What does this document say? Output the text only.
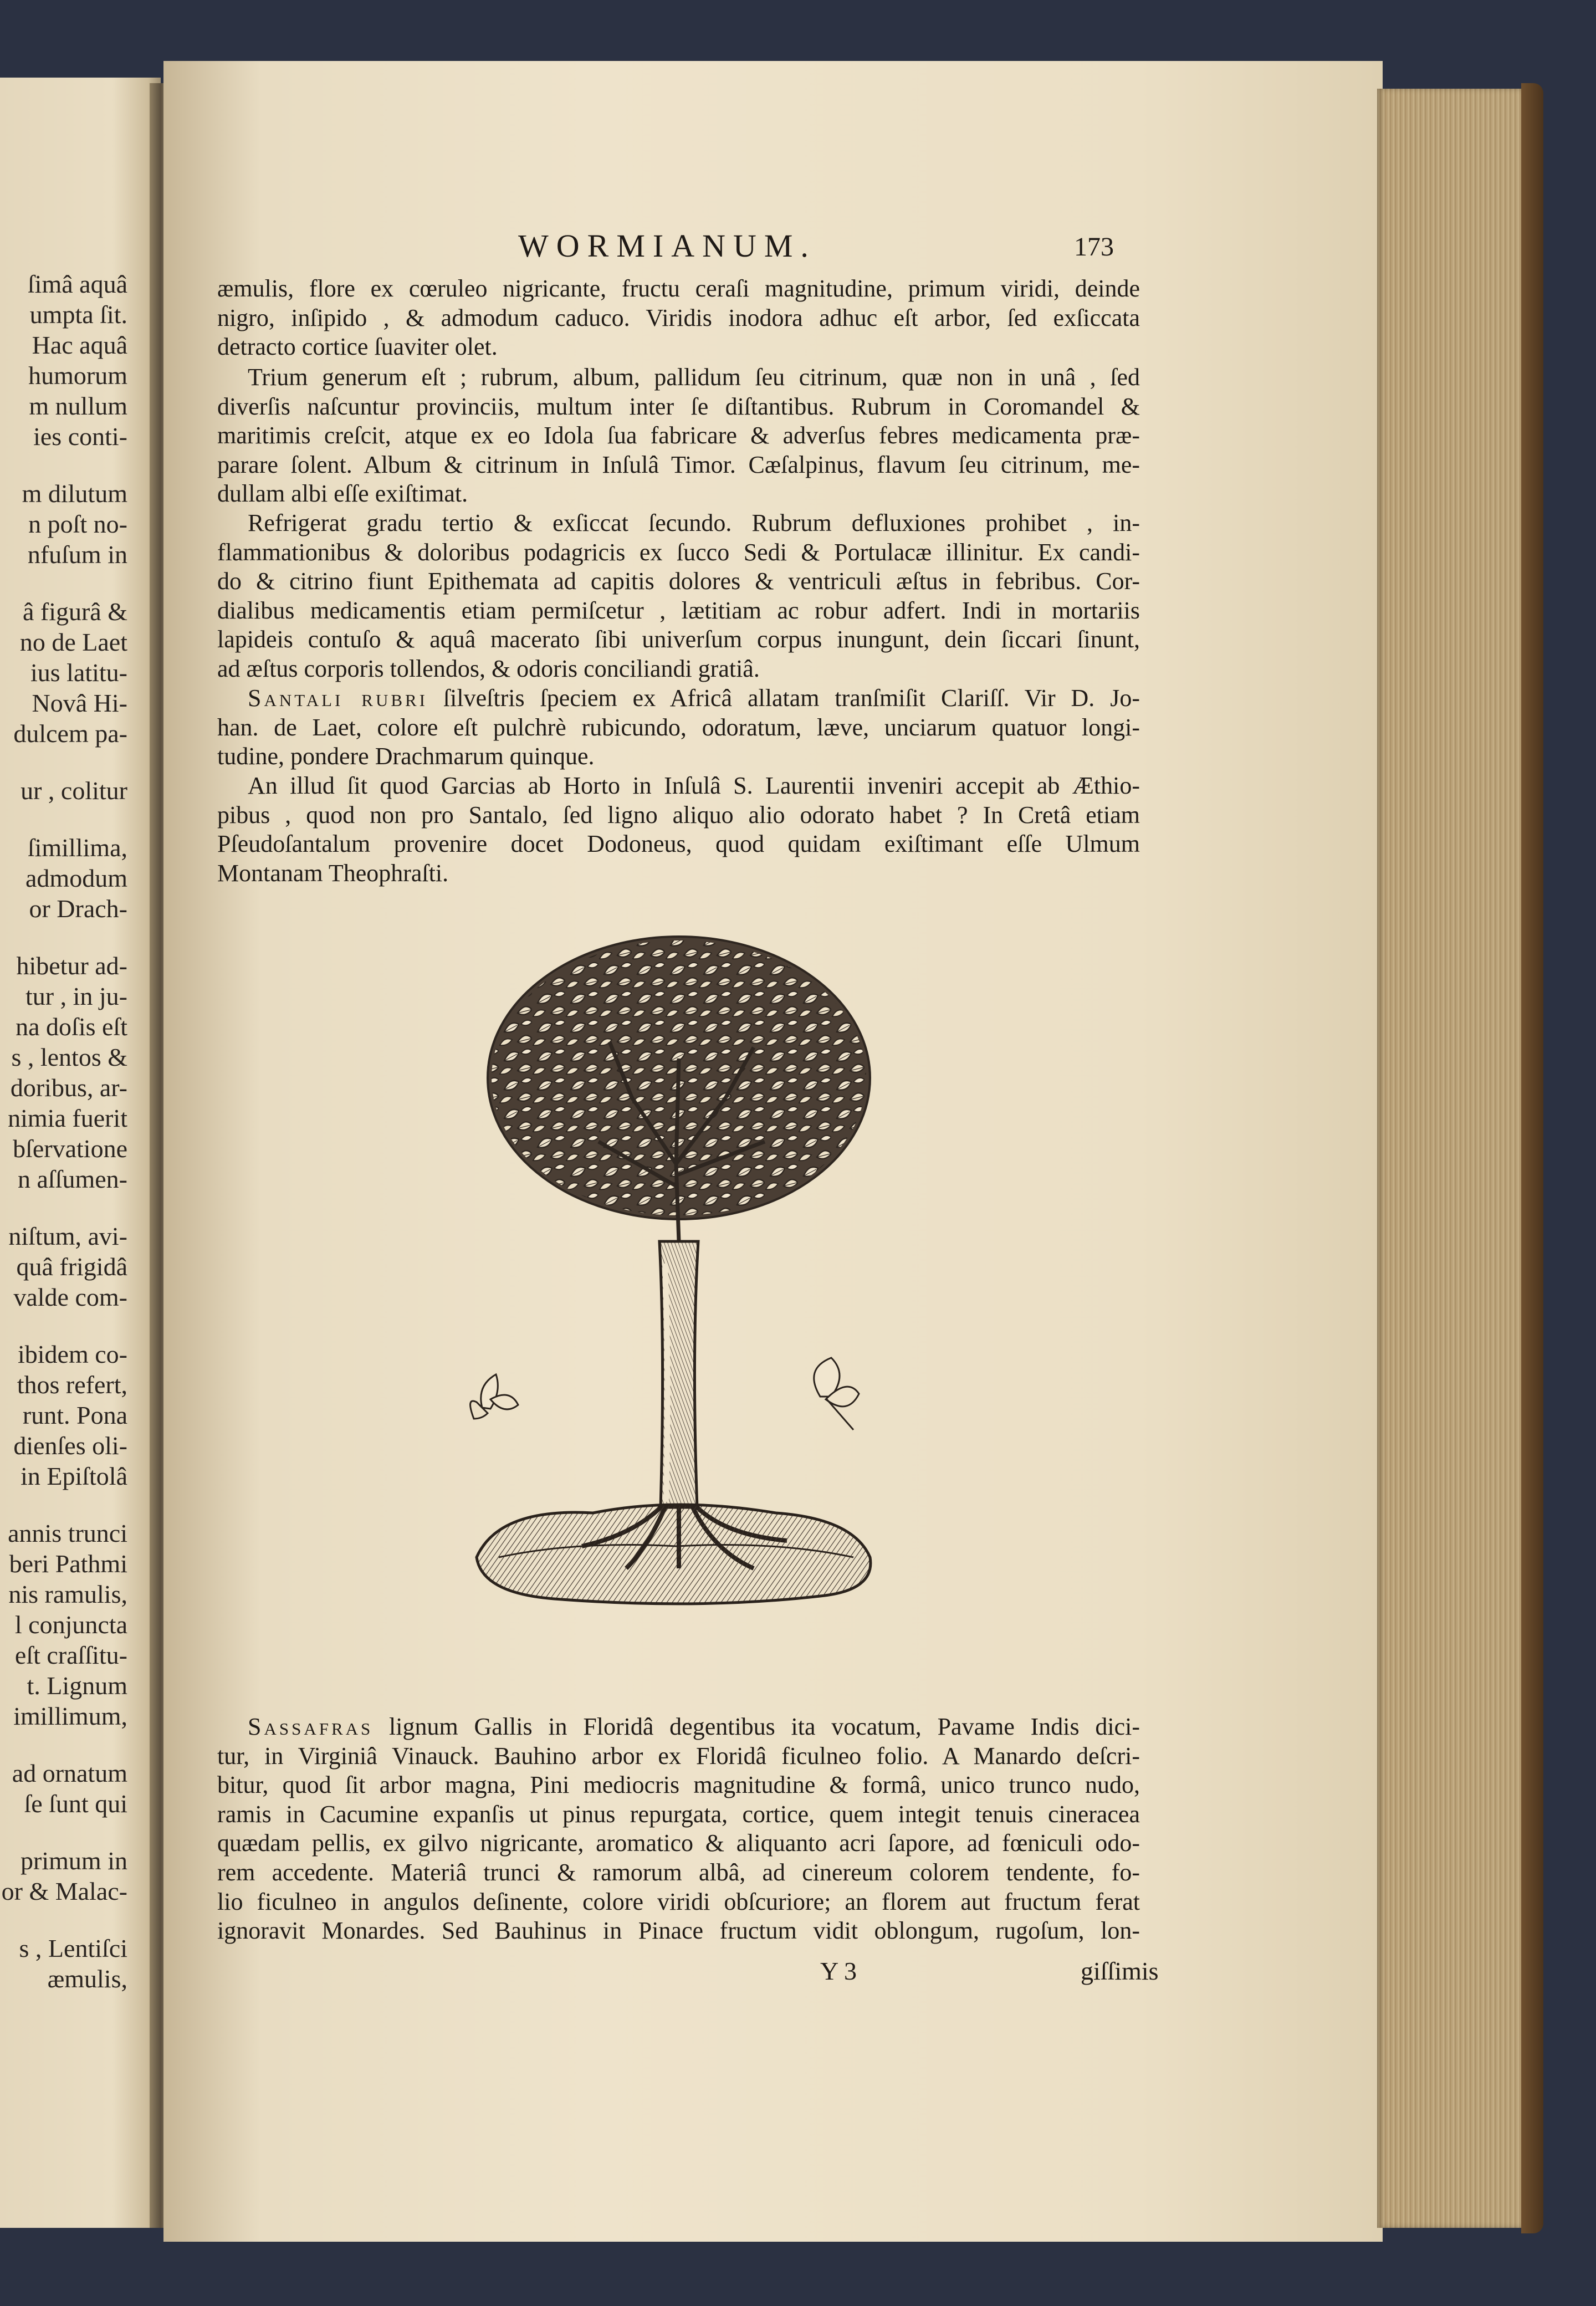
ſimâ aquâ
umpta ſit.
Hac aquâ
humorum
m nullum
ies conti-
m dilutum
n poſt no-
nfuſum in
â figurâ &
no de Laet
ius latitu-
Novâ Hi-
dulcem pa-
ur , colitur
ſimillima,
admodum
or Drach-
hibetur ad-
tur , in ju-
na doſis eſt
s , lentos &
doribus, ar-
nimia fuerit
bſervatione
n aſſumen-
niſtum, avi-
quâ frigidâ
valde com-
ibidem co-
thos refert,
runt. Pona
dienſes oli-
in Epiſtolâ
annis trunci
beri Pathmi
nis ramulis,
l conjuncta
eſt craſſitu-
t. Lignum
imillimum,
ad ornatum
ſe ſunt qui
primum in
or & Malac-
s , Lentiſci
æmulis,
WORMIANUM.	173
æmulis, flore ex cœruleo nigricante, fructu ceraſi magnitudine, primum viridi, deinde
nigro, inſipido , & admodum caduco. Viridis inodora adhuc eſt arbor, ſed exſiccata
detracto cortice ſuaviter olet.
Trium generum eſt ; rubrum, album, pallidum ſeu citrinum, quæ non in unâ , ſed
diverſis naſcuntur provinciis, multum inter ſe diſtantibus. Rubrum in Coromandel &
maritimis creſcit, atque ex eo Idola ſua fabricare & adverſus febres medicamenta præ-
parare ſolent. Album & citrinum in Inſulâ Timor. Cæſalpinus, flavum ſeu citrinum, me-
dullam albi eſſe exiſtimat.
Refrigerat gradu tertio & exſiccat ſecundo. Rubrum defluxiones prohibet , in-
flammationibus & doloribus podagricis ex ſucco Sedi & Portulacæ illinitur. Ex candi-
do & citrino fiunt Epithemata ad capitis dolores & ventriculi æſtus in febribus. Cor-
dialibus medicamentis etiam permiſcetur , lætitiam ac robur adfert. Indi in mortariis
lapideis contuſo & aquâ macerato ſibi univerſum corpus inungunt, dein ſiccari ſinunt,
ad æſtus corporis tollendos, & odoris conciliandi gratiâ.
Santali rubri ſilveſtris ſpeciem ex Africâ allatam tranſmiſit Clariſſ. Vir D. Jo-
han. de Laet, colore eſt pulchrè rubicundo, odoratum, læve, unciarum quatuor longi-
tudine, pondere Drachmarum quinque.
An illud ſit quod Garcias ab Horto in Inſulâ S. Laurentii inveniri accepit ab Æthio-
pibus , quod non pro Santalo, ſed ligno aliquo alio odorato habet ? In Cretâ etiam
Pſeudoſantalum provenire docet Dodoneus, quod quidam exiſtimant eſſe Ulmum
Montanam Theophraſti.
Sassafras lignum Gallis in Floridâ degentibus ita vocatum, Pavame Indis dici-
tur, in Virginiâ Vinauck. Bauhino arbor ex Floridâ ficulneo folio. A Manardo deſcri-
bitur, quod ſit arbor magna, Pini mediocris magnitudine & formâ, unico trunco nudo,
ramis in Cacumine expanſis ut pinus repurgata, cortice, quem integit tenuis cineracea
quædam pellis, ex gilvo nigricante, aromatico & aliquanto acri ſapore, ad fœniculi odo-
rem accedente. Materiâ trunci & ramorum albâ, ad cinereum colorem tendente, fo-
lio ficulneo in angulos deſinente, colore viridi obſcuriore; an florem aut fructum ferat
ignoravit Monardes. Sed Bauhinus in Pinace fructum vidit oblongum, rugoſum, lon-
Y 3	giſſimis
